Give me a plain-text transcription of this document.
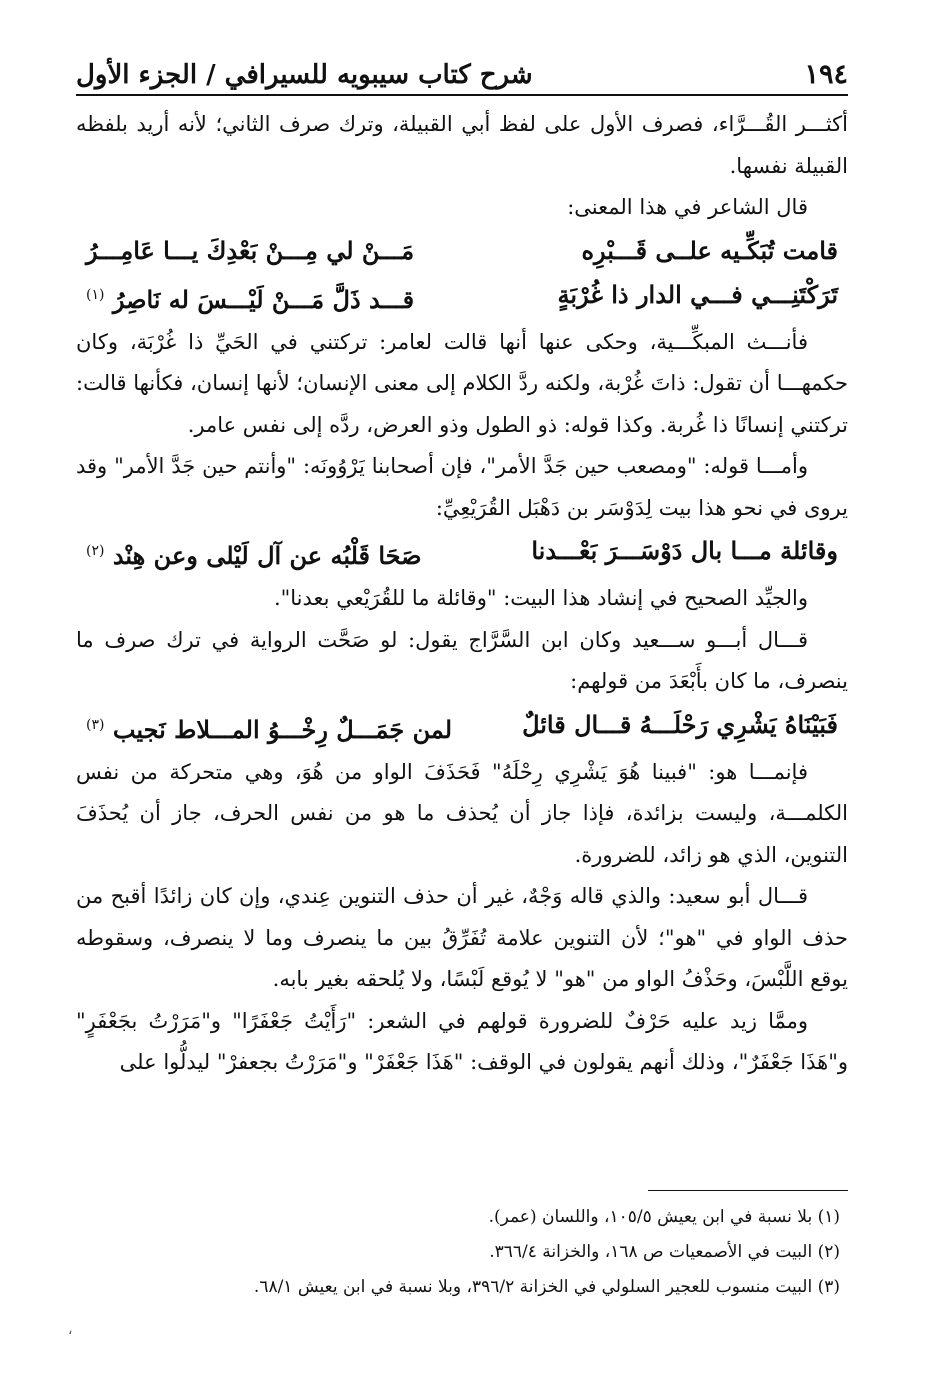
١٩٤
شرح كتاب سيبويه للسيرافي / الجزء الأول

أكثـــر القُـــرَّاء، فصرف الأول على لفظ أبي القبيلة، وترك صرف الثاني؛ لأنه أريد بلفظه القبيلة نفسها.

قال الشاعر في هذا المعنى:

قامت تُبَكِّـيه علــى قَـــبْرِه
مَـــنْ لي مِـــنْ بَعْدِكَ يـــا عَامِـــرُ
تَرَكْتَنِـــي فـــي الدار ذا غُرْبَةٍ
قـــد ذَلَّ مَـــنْ لَيْـــسَ له نَاصِرُ $^{(١)}$

فأنـــث المبكِّـــية، وحكى عنها أنها قالت لعامر: تركتني في الحَيِّ ذا غُرْبَة، وكان حكمهـــا أن تقول: ذاتَ غُرْبة، ولكنه ردَّ الكلام إلى معنى الإنسان؛ لأنها إنسان، فكأنها قالت: تركتني إنسانًا ذا غُربة. وكذا قوله: ذو الطول وذو العرض، ردَّه إلى نفس عامر.

وأمـــا قوله: "ومصعب حين جَدَّ الأمر"، فإن أصحابنا يَرْوُونَه: "وأنتم حين جَدَّ الأمر" وقد يروى في نحو هذا بيت لِدَوْسَر بن دَهْبَل القُرَيْعِيِّ:

وقائلة مـــا بال دَوْسَـــرَ بَعْـــدنا
صَحَا قَلْبُه عن آل لَيْلى وعن هِنْد $^{(٢)}$

والجيِّد الصحيح في إنشاد هذا البيت: "وقائلة ما للقُرَيْعي بعدنا".

قـــال أبـــو ســـعيد وكان ابن السَّرَّاج يقول: لو صَحَّت الرواية في ترك صرف ما ينصرف، ما كان بأَبْعَدَ من قولهم:

فَبَيْنَاهُ يَشْرِي رَحْلَـــهُ قـــال قائلٌ
لمن جَمَـــلٌ رِخْـــوُ المـــلاط نَجيب $^{(٣)}$

فإنمـــا هو: "فبينا هُوَ يَشْرِي رِحْلَهُ" فَحَذَفَ الواو من هُوَ، وهي متحركة من نفس الكلمـــة، وليست بزائدة، فإذا جاز أن يُحذف ما هو من نفس الحرف، جاز أن يُحذَفَ التنوين، الذي هو زائد، للضرورة.

قـــال أبو سعيد: والذي قاله وَجْهٌ، غير أن حذف التنوين عِندي، وإن كان زائدًا أقبح من حذف الواو في "هو"؛ لأن التنوين علامة تُفَرِّقُ بين ما ينصرف وما لا ينصرف، وسقوطه يوقع اللَّبْسَ، وحَذْفُ الواو من "هو" لا يُوقع لَبْسًا، ولا يُلحقه بغير بابه.

وممَّا زيد عليه حَرْفٌ للضرورة قولهم في الشعر: "رَأَيْتُ جَعْفَرًا" و"مَرَرْتُ بجَعْفَرٍ" و"هَذَا جَعْفَرٌ"، وذلك أنهم يقولون في الوقف: "هَذَا جَعْفَرْ" و"مَرَرْتُ بجعفرْ" ليدلُّوا على

(١) بلا نسبة في ابن يعيش ١٠٥/٥، واللسان (عمر).
(٢) البيت في الأصمعيات ص ١٦٨، والخزانة ٣٦٦/٤.
(٣) البيت منسوب للعجير السلولي في الخزانة ٣٩٦/٢، وبلا نسبة في ابن يعيش ٦٨/١.
،
